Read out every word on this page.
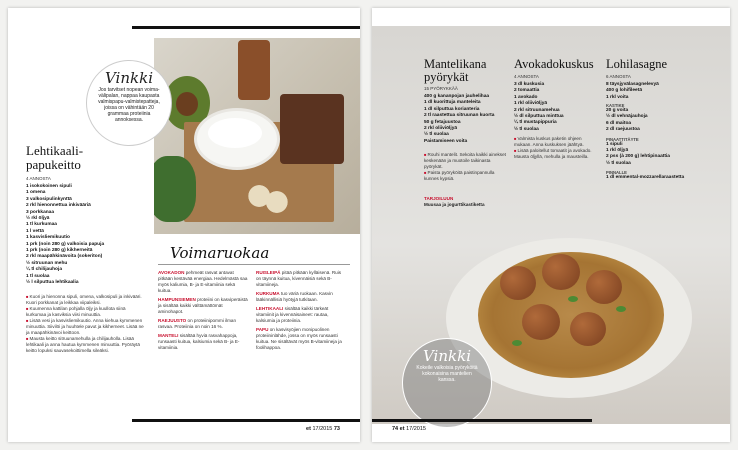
Vinkki
Jos tarvitset nopean voima-välipalan, nappaa kaupasta valmispapu-valmistepatteja, joissa on vähintään 20 grammaa proteiinia annoksessa.
Lehtikaali-
papukeitto
4 ANNOSTA
1 isokokoinen sipuli
1 omena
3 valkosipulinkynttä
2 rkl hienonnettua inkivääriä
3 porkkanaa
½ rkl öljyä
1 tl kurkumaa
1 l vettä
1 kasvisliemikuutio
1 prk (noin 280 g) valkoisia papuja
1 prk (noin 280 g) kikherneitä
2 rkl maapähkinävoita (sokeriton)
½ sitruunan mehu
¼ tl chilijauhoja
1 tl suolaa
½ l silputtua lehtikaalia
■ Kuori ja hienonna sipuli, omena, valkosipuli ja inkivääri. Kuori porkkanat ja leikkaa viipaleiksi.
■ Kuumenna kattilan pohjalla öljy ja kuullota siinä kurkumaa ja kasviksia viisi minuuttia.
■ Lisää vesi ja kasvisliemikuutio. Anna kiehua kymmenen minuuttia. Siivilöi ja huuhtele pavut ja kikherneet. Lisää ne ja maapähkinävoi keittoon.
■ Mausta keitto sitruunamehulla ja chilijauholla. Lisää lehtikaali ja anna hautua kymmenen minuuttia. Pyöräytä keitto lopuksi sauvasekoittimella sileäksi.
Voimaruokaa

AVOKADON pehmeät rasvat antavat pitkään kestävää energiaa. Hedelmästä saa myös kaliumia, B- ja E-vitamiinia sekä kuitua.

HAMPUNSIEMEN proteiini on kasviperäistä ja sisältää kaikki välttämättömät aminohapot.

RAEJUUSTO on proteiinipommi ilman rasvaa. Proteiinia on noin 16 %.

MANTELI sisältää hyviä rasvahappoja, runsaasti kuitua, kalsiumia sekä B- ja E-vitamiinia.

RUISLEIPÄ pitää pitkään kylläisenä. Ruis on täynnä kuitua, kivennäisiä sekä B-vitamiineja.

KURKUMA tuo väriä ruokaan. Kasvin lääkinnällisiä hyötyjä tutkitaan.

LEHTIKAALI sisältää kaikki tärkeät vitamiinit ja kivennäisaineet: rautaa, kalsiumia ja proteiinia.

PAPU on kasvisyöjien monipuolinen proteiininlähde, jossa on myös runsaasti kuitua. Ne sisältävät myös B-vitamiineja ja foolihappoa.

et 17/2015 73
Mantelikana
pyörykät
15 PYÖRYKKÄÄ
400 g kananpojan jauhelihaa
1 dl kuorittuja manteleita
1 dl silputtua korianteria
2 tl raastettua sitruunan kuorta
50 g fetajuustoa
2 rkl oliiviöljyä
½ tl suolaa
Paistamiseen voita
■ Rouhi mantelit. Sekoita kaikki ainekset keskenään ja muotoile taikinasta pyörykät.
■ Paista pyöryköitä paistinpannulla kunnes kypsiä.
TARJOILUUN
Muusaa ja jogurttikastiketta
Avokadokuskus
4 ANNOSTA
3 dl kuskusia
2 tomaattia
1 avokado
1 rkl oliiviöljyä
2 rkl sitruunamehua
½ dl silputtua minttua
¼ tl mustapippuria
½ tl suolaa
■ Valmista kuskus paketin ohjeen mukaan. Anna kuskuksen jäähtyä.
■ Lisää paloitellut tomaatit ja avokado. Mausta öljyllä, mehulla ja mausteilla.
Lohilasagne
6 ANNOSTA
8 täysjyvälasagnelevyä
400 g lohifileetä
1 rkl voita
KASTIKE
20 g voita
½ dl vehnäjauhoja
6 dl maitoa
2 dl raejuustoa
PINAATTITÄYTE
1 sipuli
1 rkl öljyä
2 pss (à 200 g) lehtipinaattia
½ tl suolaa
PINNALLE
1 dl emmental-mozzarellaraastetta
Vinkki
Kokeile valkoisia pyöryköitä kokonaisina mantelien kanssa.
74 et 17/2015
